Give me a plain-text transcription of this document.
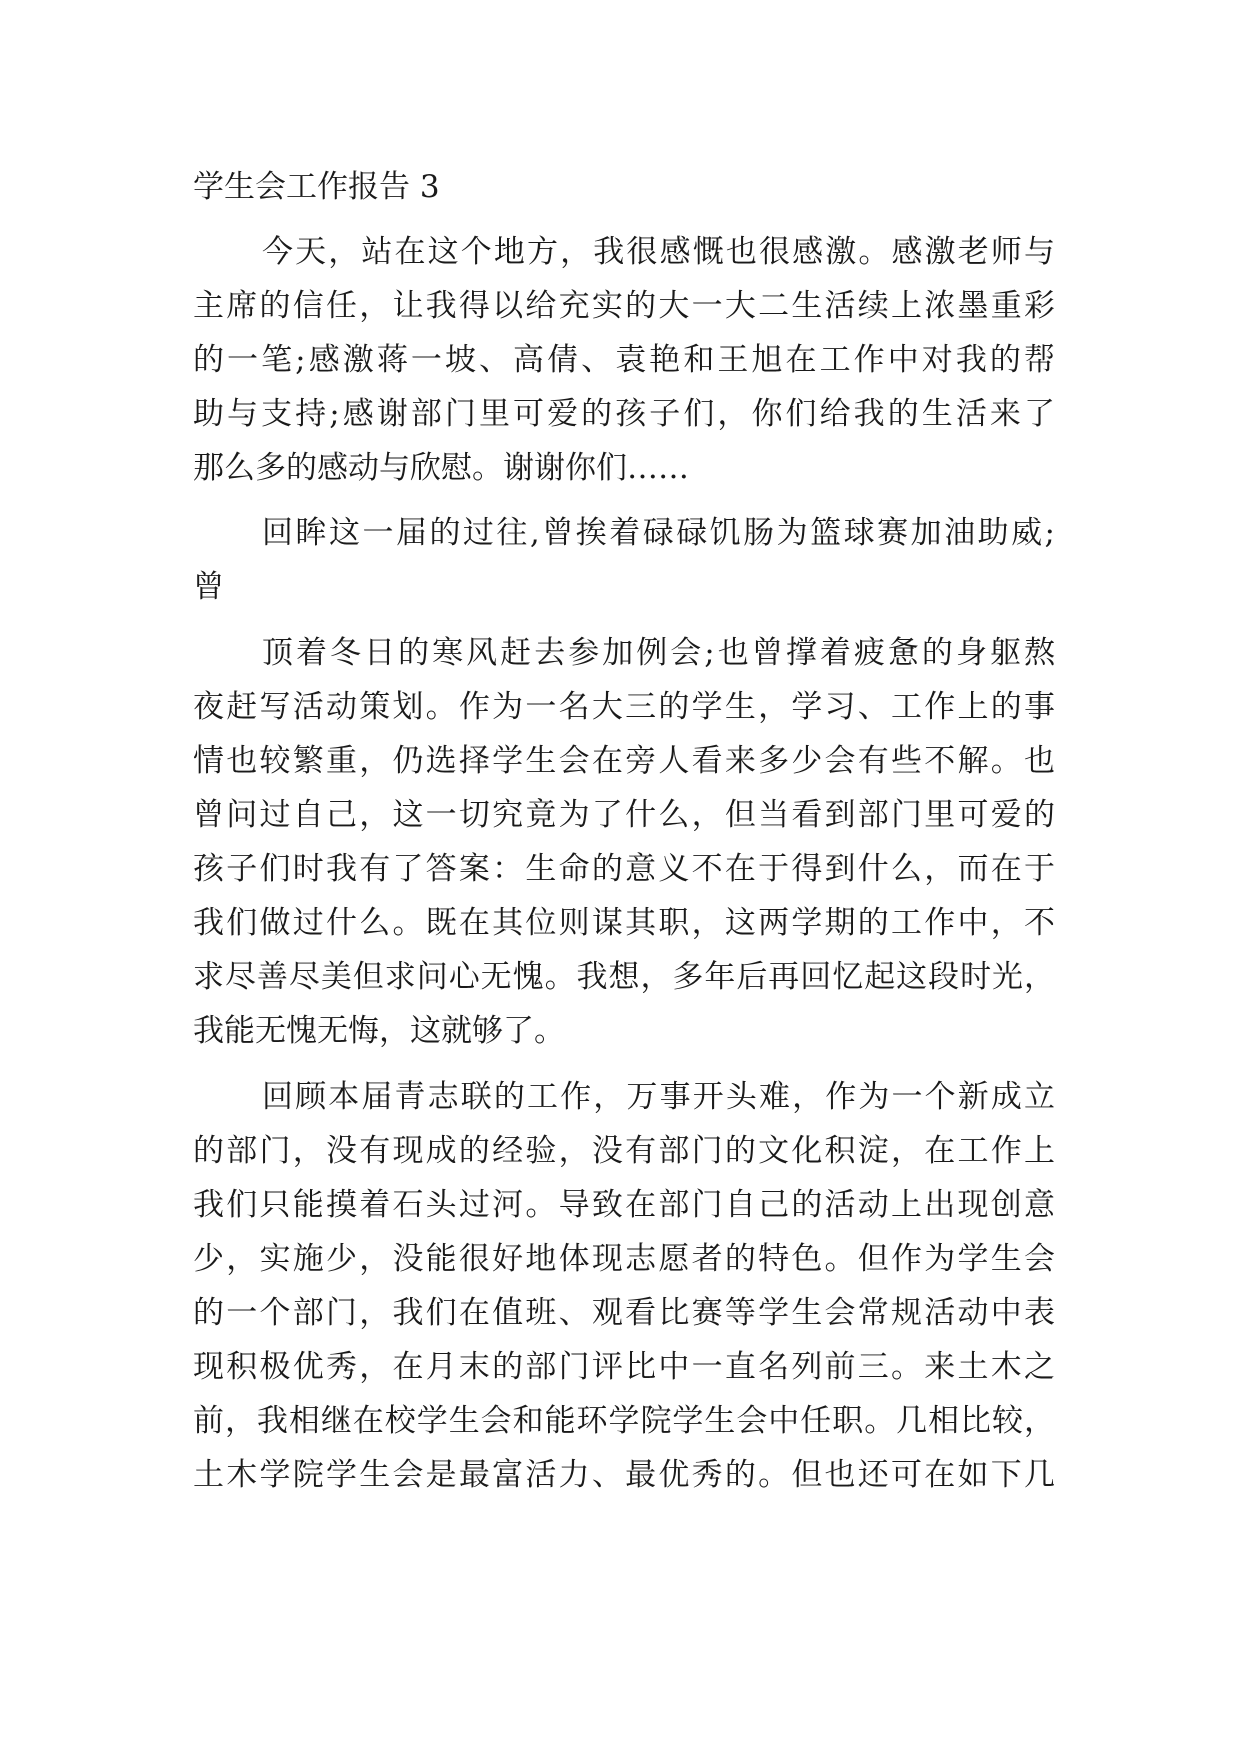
学生会工作报告 3
今天，站在这个地方，我很感慨也很感激。感激老师与
主席的信任，让我得以给充实的大一大二生活续上浓墨重彩
的一笔;感激蒋一坡、高倩、袁艳和王旭在工作中对我的帮
助与支持;感谢部门里可爱的孩子们，你们给我的生活来了
那么多的感动与欣慰。谢谢你们……
回眸这一届的过往,曾挨着碌碌饥肠为篮球赛加油助威;
曾
顶着冬日的寒风赶去参加例会;也曾撑着疲惫的身躯熬
夜赶写活动策划。作为一名大三的学生，学习、工作上的事
情也较繁重，仍选择学生会在旁人看来多少会有些不解。也
曾问过自己，这一切究竟为了什么，但当看到部门里可爱的
孩子们时我有了答案：生命的意义不在于得到什么，而在于
我们做过什么。既在其位则谋其职，这两学期的工作中，不
求尽善尽美但求问心无愧。我想，多年后再回忆起这段时光，
我能无愧无悔，这就够了。
回顾本届青志联的工作，万事开头难，作为一个新成立
的部门，没有现成的经验，没有部门的文化积淀，在工作上
我们只能摸着石头过河。导致在部门自己的活动上出现创意
少，实施少，没能很好地体现志愿者的特色。但作为学生会
的一个部门，我们在值班、观看比赛等学生会常规活动中表
现积极优秀，在月末的部门评比中一直名列前三。来土木之
前，我相继在校学生会和能环学院学生会中任职。几相比较，
土木学院学生会是最富活力、最优秀的。但也还可在如下几
